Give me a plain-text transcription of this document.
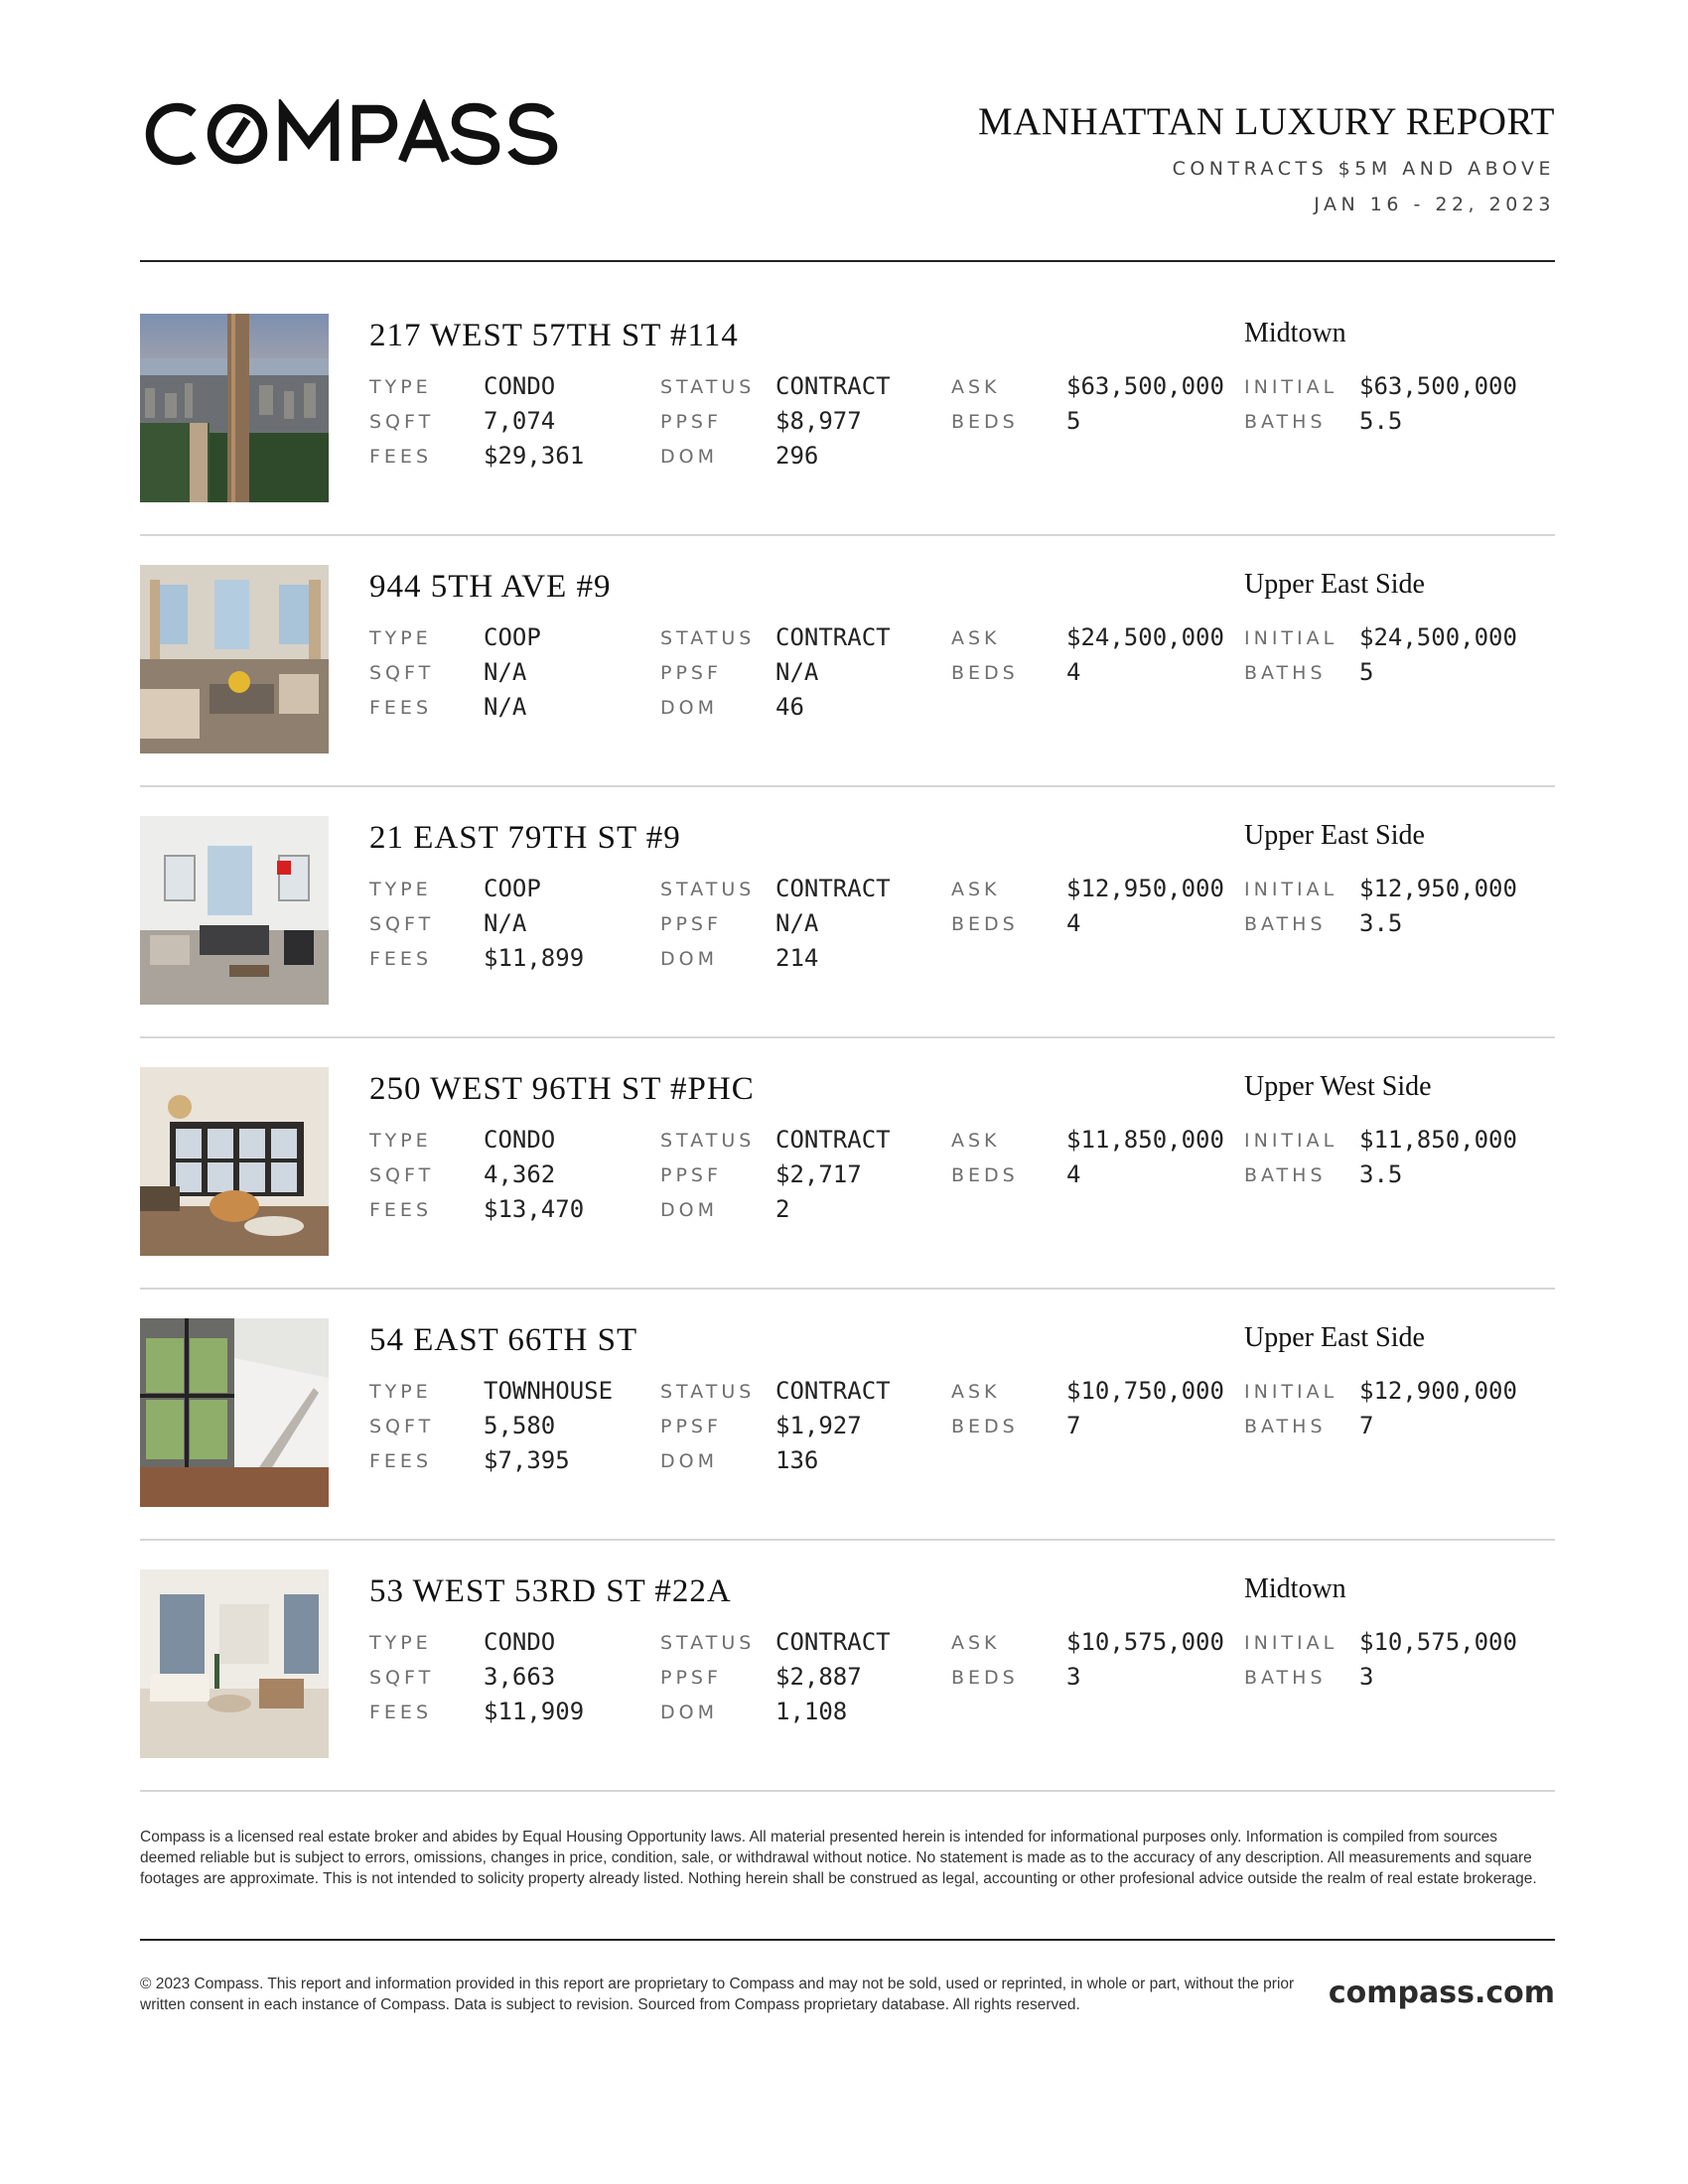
MANHATTAN LUXURY REPORT
CONTRACTS $5M AND ABOVE
JAN 16 - 22, 2023
217 WEST 57TH ST #114	Midtown
TYPE CONDO
SQFT 7,074
FEES $29,361
STATUS CONTRACT
PPSF $8,977
DOM 296
ASK	$63,500,000
BEDS 5
INITIAL $63,500,000
BATHS 5.5
944 5TH AVE #9	Upper East Side
TYPE COOP
SQFT N/A
FEES N/A
STATUS CONTRACT
PPSF N/A
DOM 46
ASK	$24,500,000
BEDS 4
INITIAL $24,500,000
BATHS 5
21 EAST 79TH ST #9	Upper East Side
TYPE COOP
SQFT N/A
FEES $11,899
STATUS CONTRACT
PPSF N/A
DOM 214
ASK	$12,950,000
BEDS 4
INITIAL $12,950,000
BATHS 3.5
250 WEST 96TH ST #PHC	Upper West Side
TYPE CONDO
SQFT 4,362
FEES $13,470
STATUS CONTRACT
PPSF $2,717
DOM 2
ASK	$11,850,000
BEDS 4
INITIAL $11,850,000
BATHS 3.5
54 EAST 66TH ST	Upper East Side
TYPE TOWNHOUSE
SQFT 5,580
FEES $7,395
STATUS CONTRACT
PPSF $1,927
DOM 136
ASK	$10,750,000
BEDS 7
INITIAL $12,900,000
BATHS 7
53 WEST 53RD ST #22A	Midtown
TYPE CONDO
SQFT 3,663
FEES $11,909
STATUS CONTRACT
PPSF $2,887
DOM 1,108
ASK	$10,575,000
BEDS 3
INITIAL $10,575,000
BATHS 3
Compass is a licensed real estate broker and abides by Equal Housing Opportunity laws. All material presented herein is intended for informational purposes only. Information is compiled from sources deemed reliable but is subject to errors, omissions, changes in price, condition, sale, or withdrawal without notice. No statement is made as to the accuracy of any description. All measurements and square footages are approximate. This is not intended to solicity property already listed. Nothing herein shall be construed as legal, accounting or other profesional advice outside the realm of real estate brokerage.
© 2023 Compass. This report and information provided in this report are proprietary to Compass and may not be sold, used or reprinted, in whole or part, without the prior written consent in each instance of Compass. Data is subject to revision. Sourced from Compass proprietary database. All rights reserved.	compass.com
